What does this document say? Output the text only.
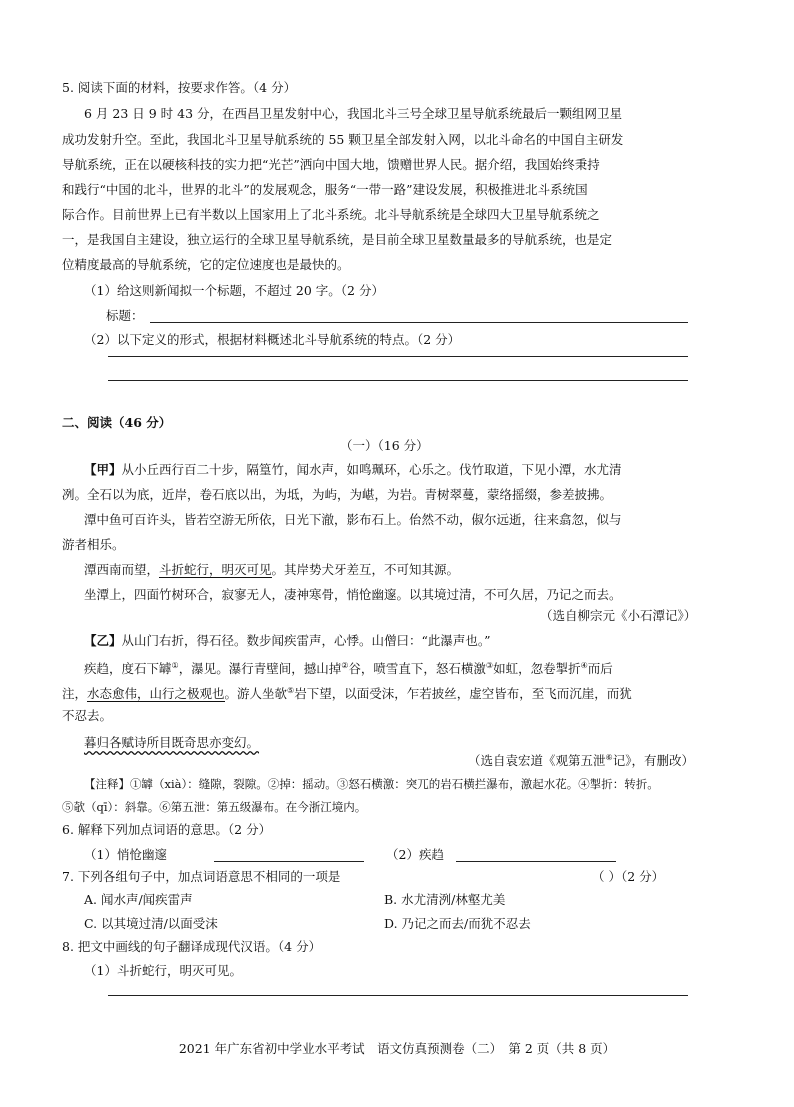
5. 阅读下面的材料，按要求作答。（4 分）
6 月 23 日 9 时 43 分，在西昌卫星发射中心，我国北斗三号全球卫星导航系统最后一颗组网卫星
成功发射升空。至此，我国北斗卫星导航系统的 55 颗卫星全部发射入网，以北斗命名的中国自主研发
导航系统，正在以硬核科技的实力把“光芒”洒向中国大地，馈赠世界人民。据介绍，我国始终秉持
和践行“中国的北斗，世界的北斗”的发展观念，服务“一带一路”建设发展，积极推进北斗系统国
际合作。目前世界上已有半数以上国家用上了北斗系统。北斗导航系统是全球四大卫星导航系统之
一，是我国自主建设，独立运行的全球卫星导航系统，是目前全球卫星数量最多的导航系统，也是定
位精度最高的导航系统，它的定位速度也是最快的。
（1）给这则新闻拟一个标题，不超过 20 字。（2 分）
标题：
（2）以下定义的形式，根据材料概述北斗导航系统的特点。（2 分）
二、阅读（46 分）
（一）（16 分）
【甲】从小丘西行百二十步，隔篁竹，闻水声，如鸣珮环，心乐之。伐竹取道，下见小潭，水尤清
冽。全石以为底，近岸，卷石底以出，为坻，为屿，为嵁，为岩。青树翠蔓，蒙络摇缀，参差披拂。
潭中鱼可百许头，皆若空游无所依，日光下澈，影布石上。佁然不动，俶尔远逝，往来翕忽，似与
游者相乐。
潭西南而望，斗折蛇行，明灭可见。其岸势犬牙差互，不可知其源。
坐潭上，四面竹树环合，寂寥无人，凄神寒骨，悄怆幽邃。以其境过清，不可久居，乃记之而去。
（选自柳宗元《小石潭记》）
【乙】从山门右折，得石径。数步闻疾雷声，心悸。山僧曰：“此瀑声也。”
疾趋，度石下罅①，瀑见。瀑行青壁间，撼山掉②谷，喷雪直下，怒石横激③如虹，忽卷掣折④而后
注，水态愈伟，山行之极观也。游人坐欹⑤岩下望，以面受沫，乍若披丝，虚空皆布，至飞而沉崖，而犹
不忍去。
暮归各赋诗所目既奇思亦变幻。
（选自袁宏道《观第五泄⑥记》，有删改）
【注释】①罅（xià）：缝隙，裂隙。②掉：摇动。③怒石横激：突兀的岩石横拦瀑布，激起水花。④掣折：转折。
⑤欹（qī）：斜靠。⑥第五泄：第五级瀑布。在今浙江境内。
6. 解释下列加点词语的意思。（2 分）
（1）悄怆幽邃	（2）疾趋
7. 下列各组句子中，加点词语意思不相同的一项是	（ ）（2 分）
A. 闻水声/闻疾雷声	B. 水尤清洌/林壑尤美
C. 以其境过清/以面受沫	D. 乃记之而去/而犹不忍去
8. 把文中画线的句子翻译成现代汉语。（4 分）
（1）斗折蛇行，明灭可见。
2021 年广东省初中学业水平考试　语文仿真预测卷（二）　第 2 页（共 8 页）
